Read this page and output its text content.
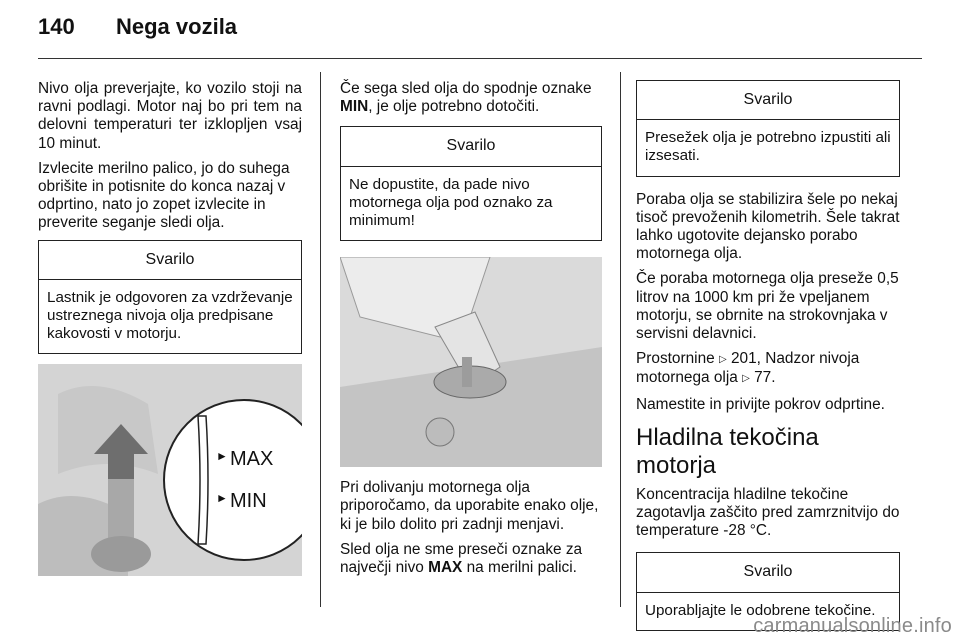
140 Nega vozila

Nivo olja preverjajte, ko vozilo stoji na ravni podlagi. Motor naj bo pri tem na delovni temperaturi ter izklopljen vsaj 10 minut.

Izvlecite merilno palico, jo do suhega obrišite in potisnite do konca nazaj v odprtino, nato jo zopet izvlecite in preverite seganje sledi olja.

Svarilo
Lastnik je odgovoren za vzdrževanje ustreznega nivoja olja predpisane kakovosti v motorju.
► MAX
► MIN

Če sega sled olja do spodnje oznake MIN, je olje potrebno dotočiti.

Svarilo
Ne dopustite, da pade nivo motornega olja pod oznako za minimum!

Pri dolivanju motornega olja priporočamo, da uporabite enako olje, ki je bilo dolito pri zadnji menjavi.

Sled olja ne sme preseči oznake za največji nivo MAX na merilni palici.

Svarilo
Presežek olja je potrebno izpustiti ali izsesati.

Poraba olja se stabilizira šele po nekaj tisoč prevoženih kilometrih. Šele takrat lahko ugotovite dejansko porabo motornega olja.

Če poraba motornega olja preseže 0,5 litrov na 1000 km pri že vpeljanem motorju, se obrnite na strokovnjaka v servisni delavnici.

Prostornine ▷ 201, Nadzor nivoja motornega olja ▷ 77.

Namestite in privijte pokrov odprtine.

Hladilna tekočina motorja

Koncentracija hladilne tekočine zagotavlja zaščito pred zamrznitvijo do temperature -28 °C.

Svarilo
Uporabljajte le odobrene tekočine.
carmanualsonline.info
